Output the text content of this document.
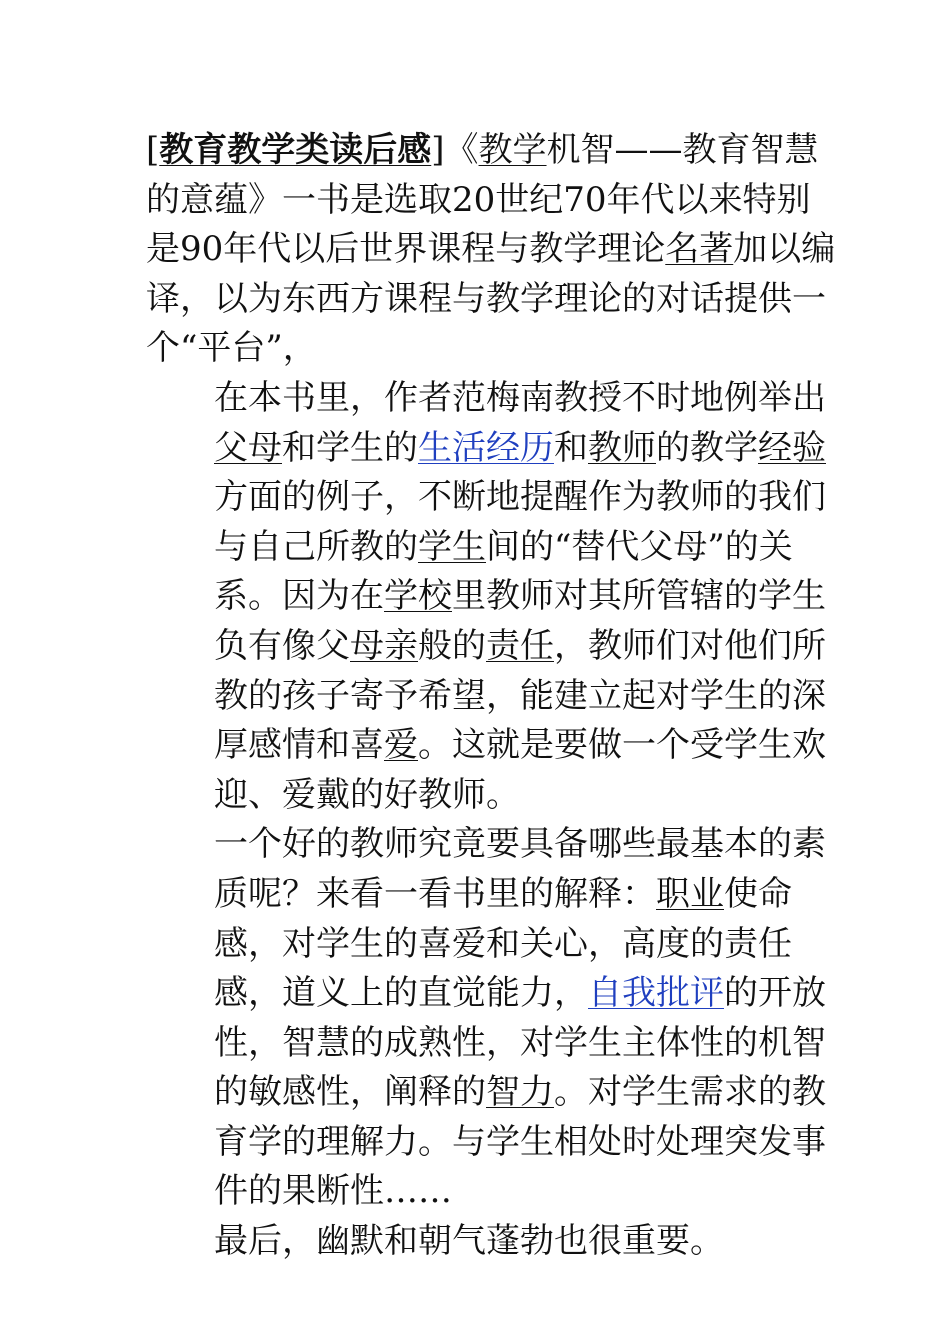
[教育教学类读后感]《教学机智——教育智慧的意蕴》一书是选取20世纪70年代以来特别是90年代以后世界课程与教学理论名著加以编译，以为东西方课程与教学理论的对话提供一个“平台”，

在本书里，作者范梅南教授不时地例举出父母和学生的生活经历和教师的教学经验方面的例子，不断地提醒作为教师的我们与自己所教的学生间的“替代父母”的关系。因为在学校里教师对其所管辖的学生负有像父母亲般的责任，教师们对他们所教的孩子寄予希望，能建立起对学生的深厚感情和喜爱。这就是要做一个受学生欢迎、爱戴的好教师。

一个好的教师究竟要具备哪些最基本的素质呢？来看一看书里的解释：职业使命感，对学生的喜爱和关心，高度的责任感，道义上的直觉能力，自我批评的开放性，智慧的成熟性，对学生主体性的机智的敏感性，阐释的智力。对学生需求的教育学的理解力。与学生相处时处理突发事件的果断性……
最后，幽默和朝气蓬勃也很重要。
